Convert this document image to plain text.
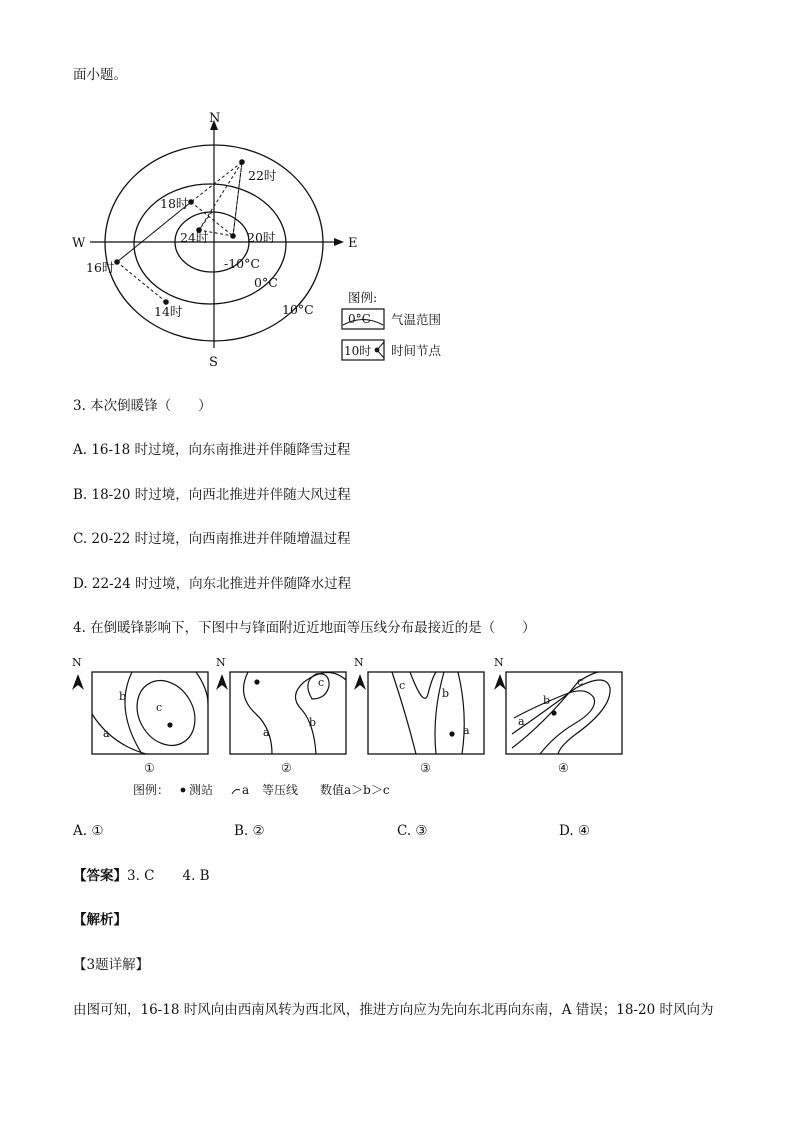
面小题。
N
S
W	E
22时
18时
24时	20时
16时
14时
-10°C
0°C
10°C
图例:
0°C 气温范围
10时 时间节点
3. 本次倒暖锋（　　）
A. 16-18 时过境，向东南推进并伴随降雪过程
B. 18-20 时过境，向西北推进并伴随大风过程
C. 20-22 时过境，向西南推进并伴随增温过程
D. 22-24 时过境，向东北推进并伴随降水过程
4. 在倒暖锋影响下，下图中与锋面附近近地面等压线分布最接近的是（　　）
N
b
c
a
①
N
c
b
a
②
N
c
b
a
③
N
c
b
a
④
图例： 测站 a 等压线 数值a＞b＞c
A. ①	B. ②	C. ③	D. ④
【答案】3. C 4. B
【解析】
【3题详解】
由图可知，16-18 时风向由西南风转为西北风，推进方向应为先向东北再向东南，A 错误；18-20 时风向为
